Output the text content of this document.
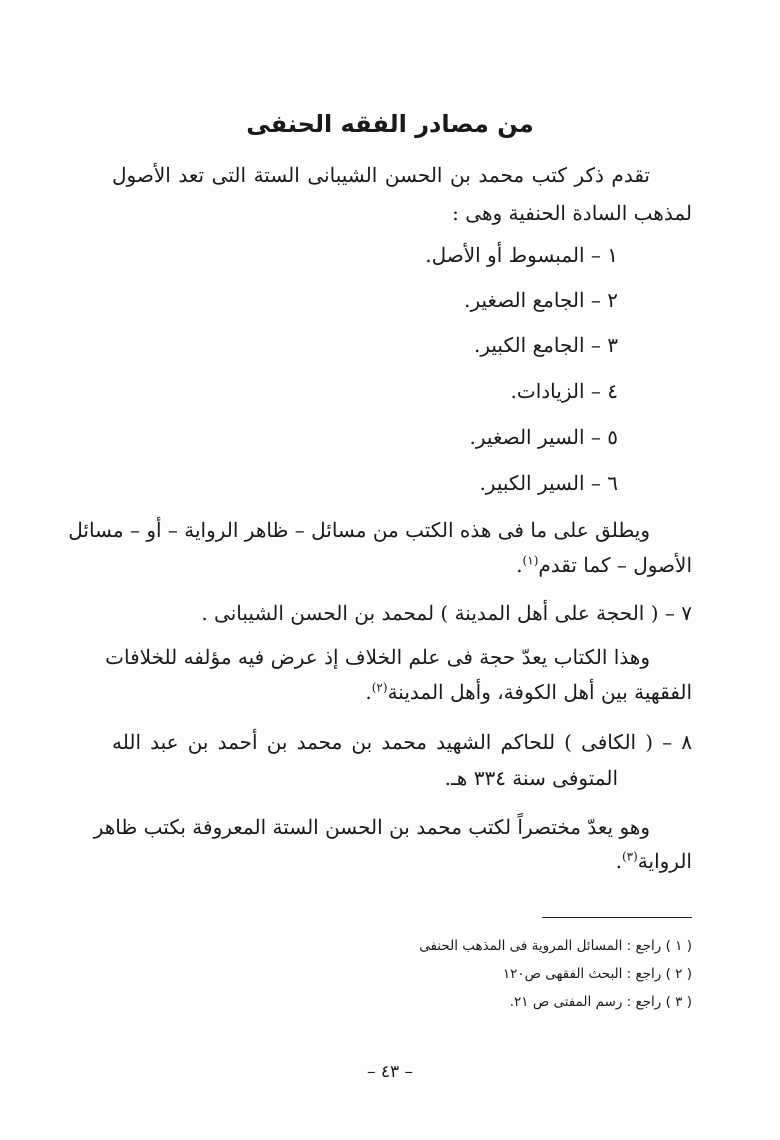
من مصادر الفقه الحنفى
تقدم ذكر كتب محمد بن الحسن الشيبانى الستة التى تعد الأصول
لمذهب السادة الحنفية وهى :
١ – المبسوط أو الأصل.
٢ – الجامع الصغير.
٣ – الجامع الكبير.
٤ – الزيادات.
٥ – السير الصغير.
٦ – السير الكبير.
ويطلق على ما فى هذه الكتب من مسائل – ظاهر الرواية – أو – مسائل
الأصول – كما تقدم$^{(١)}$.
٧ – ( الحجة على أهل المدينة ) لمحمد بن الحسن الشيبانى .
وهذا الكتاب يعدّ حجة فى علم الخلاف إذ عرض فيه مؤلفه للخلافات
الفقهية بين أهل الكوفة، وأهل المدينة$^{(٢)}$.
٨ – ( الكافى ) للحاكم الشهيد محمد بن محمد بن أحمد بن عبد الله
المتوفى سنة ٣٣٤ هـ.
وهو يعدّ مختصراً لكتب محمد بن الحسن الستة المعروفة بكتب ظاهر
الرواية$^{(٣)}$.
( ١ ) راجع : المسائل المروية فى المذهب الحنفى
( ٢ ) راجع : البحث الفقهى ص١٢٠
( ٣ ) راجع : رسم المفتى ص ٢١.
– ٤٣ –
